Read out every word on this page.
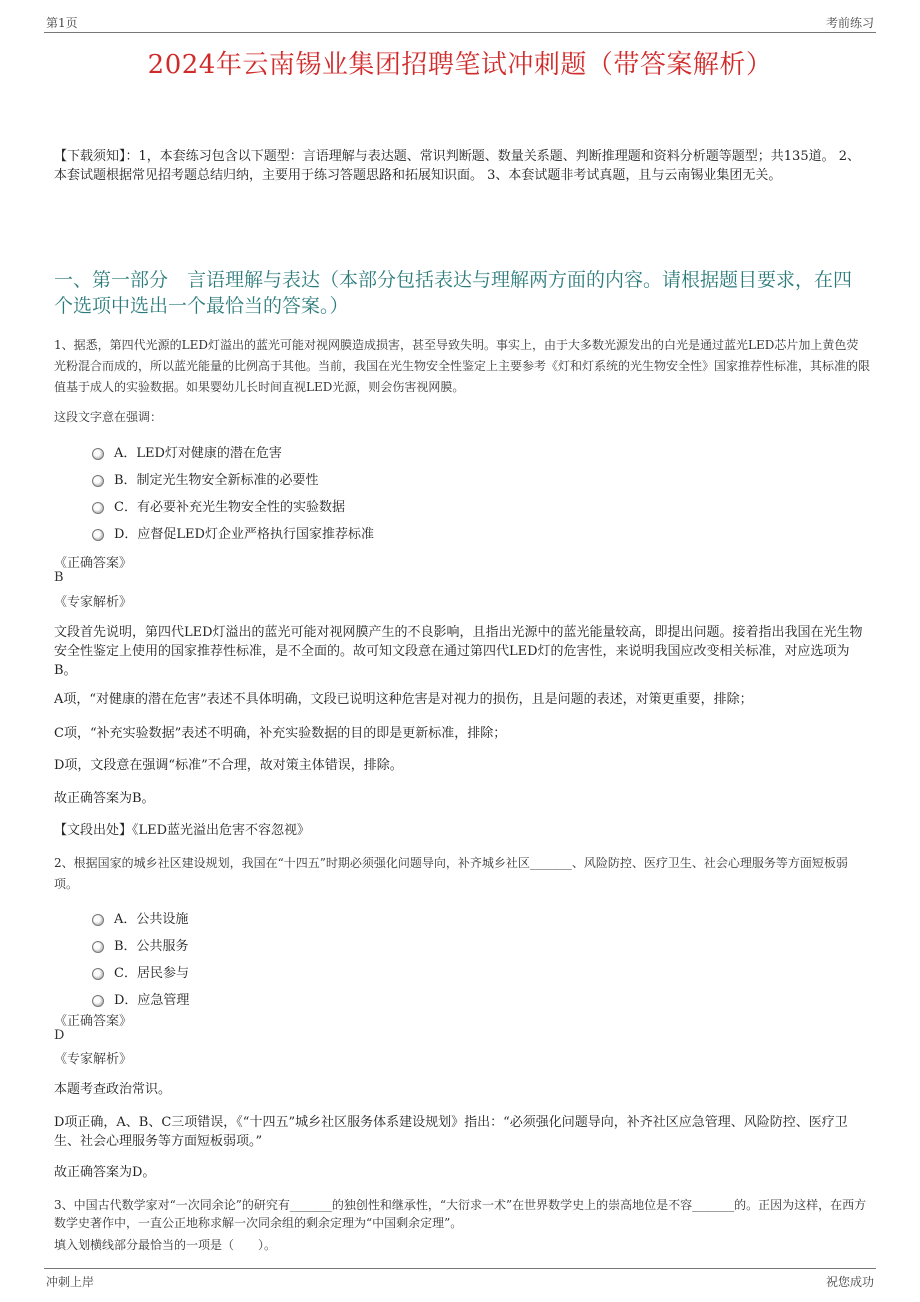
第1页	考前练习
2024年云南锡业集团招聘笔试冲刺题（带答案解析）
【下载须知】：1，本套练习包含以下题型：言语理解与表达题、常识判断题、数量关系题、判断推理题和资料分析题等题型；共135道。 2、本套试题根据常见招考题总结归纳，主要用于练习答题思路和拓展知识面。 3、本套试题非考试真题，且与云南锡业集团无关。
一、第一部分　言语理解与表达（本部分包括表达与理解两方面的内容。请根据题目要求，在四个选项中选出一个最恰当的答案。）
1、据悉，第四代光源的LED灯溢出的蓝光可能对视网膜造成损害，甚至导致失明。事实上，由于大多数光源发出的白光是通过蓝光LED芯片加上黄色荧光粉混合而成的，所以蓝光能量的比例高于其他。当前，我国在光生物安全性鉴定上主要参考《灯和灯系统的光生物安全性》国家推荐性标准，其标准的限值基于成人的实验数据。如果婴幼儿长时间直视LED光源，则会伤害视网膜。
这段文字意在强调：
A．LED灯对健康的潜在危害
B．制定光生物安全新标准的必要性
C．有必要补充光生物安全性的实验数据
D．应督促LED灯企业严格执行国家推荐标准
《正确答案》
B
《专家解析》
文段首先说明，第四代LED灯溢出的蓝光可能对视网膜产生的不良影响，且指出光源中的蓝光能量较高，即提出问题。接着指出我国在光生物安全性鉴定上使用的国家推荐性标准，是不全面的。故可知文段意在通过第四代LED灯的危害性，来说明我国应改变相关标准，对应选项为B。
A项，“对健康的潜在危害”表述不具体明确，文段已说明这种危害是对视力的损伤，且是问题的表述，对策更重要，排除；
C项，“补充实验数据”表述不明确，补充实验数据的目的即是更新标准，排除；
D项，文段意在强调“标准”不合理，故对策主体错误，排除。
故正确答案为B。
【文段出处】《LED蓝光溢出危害不容忽视》
2、根据国家的城乡社区建设规划，我国在“十四五”时期必须强化问题导向，补齐城乡社区_______、风险防控、医疗卫生、社会心理服务等方面短板弱项。
A．公共设施
B．公共服务
C．居民参与
D．应急管理
《正确答案》
D
《专家解析》
本题考查政治常识。
D项正确，A、B、C三项错误，《“十四五”城乡社区服务体系建设规划》指出：“必须强化问题导向，补齐社区应急管理、风险防控、医疗卫生、社会心理服务等方面短板弱项。”
故正确答案为D。
3、中国古代数学家对“一次同余论”的研究有_______的独创性和继承性，“大衍求一术”在世界数学史上的崇高地位是不容_______的。正因为这样，在西方数学史著作中，一直公正地称求解一次同余组的剩余定理为“中国剩余定理”。
填入划横线部分最恰当的一项是（　　）。
冲刺上岸	祝您成功
